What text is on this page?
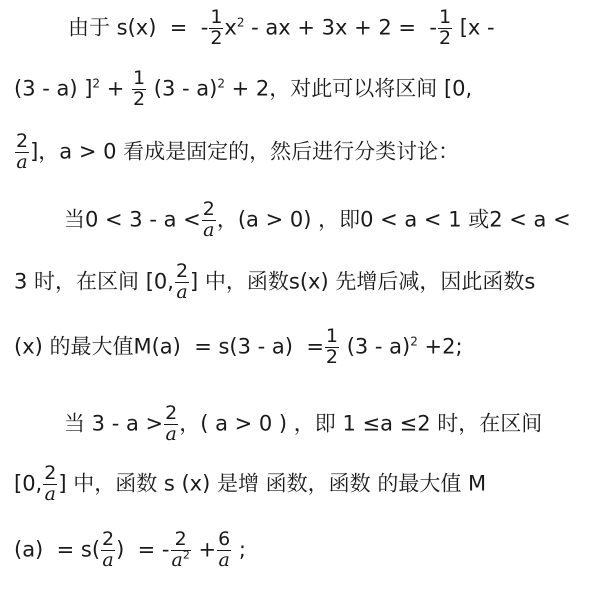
由于 s(x)  =  - $\frac{1}{2} x^2$ - ax + 3x + 2 =  - $\frac{1}{2} [x$ -
(3 - a) ]$^2 + \frac{1}{2} (3 - a)^2 + 2$，对此可以将区间 [0,
$\frac{2}{a}$ ]，a > 0 看成是固定的，然后进行分类讨论：
当$0 < 3 - a < \frac{2}{a}$ ，(a > 0) ，即0 < a < 1 或2 < a <
3 时，在区间 [0, $\frac{2}{a}$ ] 中，函数s(x) 先增后减，因此函数s
(x) 的最大值$M(a) = s(3 - a) = \frac{1}{2} (3 - a)^2 +2$;
当 $3 - a > \frac{2}{a}$ ，( a > 0 ) ，即 1 ≤a ≤2 时，在区间
[0, $\frac{2}{a}$ ] 中，函数 s (x) 是增 函数，函数 的最大值 M
$(a) = s( \frac{2}{a}$ )  = - $\frac{2}{a^2} + \frac{6}{a}$ ;
